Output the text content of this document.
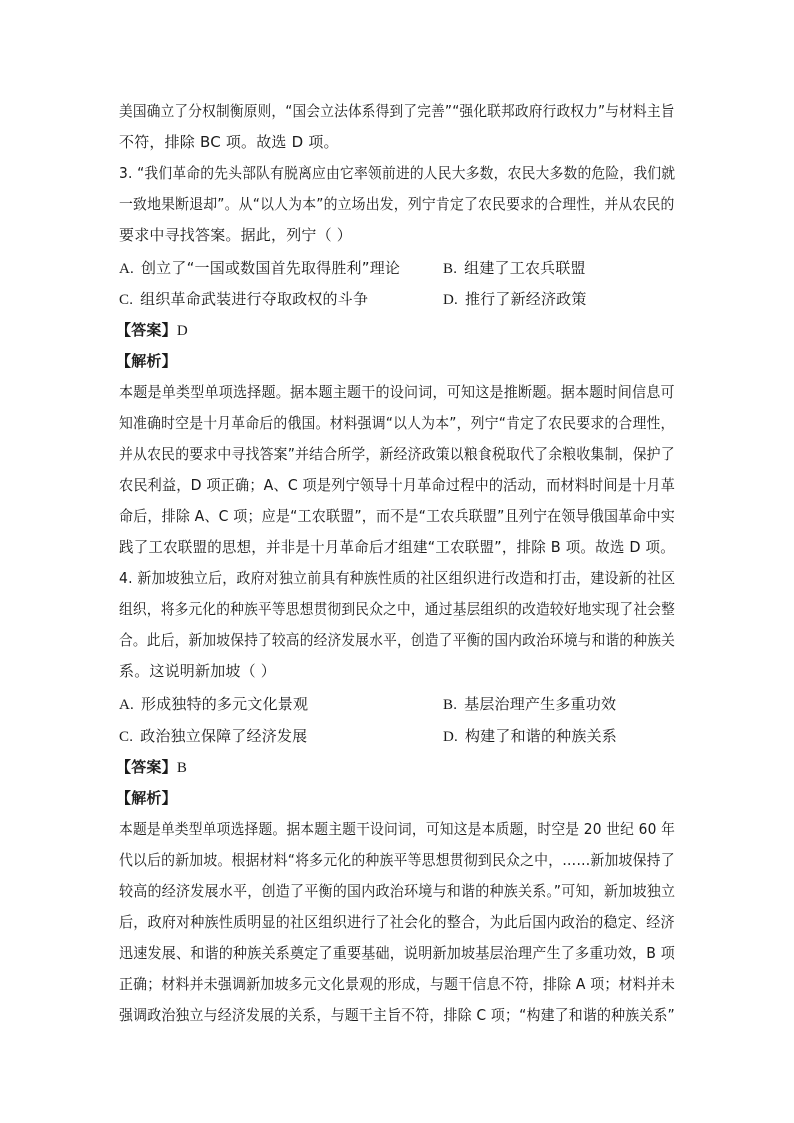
美国确立了分权制衡原则，“国会立法体系得到了完善”“强化联邦政府行政权力”与材料主旨
不符，排除 BC 项。故选 D 项。
3. “我们革命的先头部队有脱离应由它率领前进的人民大多数，农民大多数的危险，我们就
一致地果断退却”。从“以人为本”的立场出发，列宁肯定了农民要求的合理性，并从农民的
要求中寻找答案。据此，列宁（ ）
A. 创立了“一国或数国首先取得胜利”理论	B. 组建了工农兵联盟
C. 组织革命武装进行夺取政权的斗争	D. 推行了新经济政策
【答案】D
【解析】
本题是单类型单项选择题。据本题主题干的设问词，可知这是推断题。据本题时间信息可
知准确时空是十月革命后的俄国。材料强调“以人为本”，列宁“肯定了农民要求的合理性，
并从农民的要求中寻找答案”并结合所学，新经济政策以粮食税取代了余粮收集制，保护了
农民利益，D 项正确；A、C 项是列宁领导十月革命过程中的活动，而材料时间是十月革
命后，排除 A、C 项；应是“工农联盟”，而不是“工农兵联盟”且列宁在领导俄国革命中实
践了工农联盟的思想，并非是十月革命后才组建“工农联盟”，排除 B 项。故选 D 项。
4. 新加坡独立后，政府对独立前具有种族性质的社区组织进行改造和打击，建设新的社区
组织，将多元化的种族平等思想贯彻到民众之中，通过基层组织的改造较好地实现了社会整
合。此后，新加坡保持了较高的经济发展水平，创造了平衡的国内政治环境与和谐的种族关
系。这说明新加坡（ ）
A. 形成独特的多元文化景观	B. 基层治理产生多重功效
C. 政治独立保障了经济发展	D. 构建了和谐的种族关系
【答案】B
【解析】
本题是单类型单项选择题。据本题主题干设问词，可知这是本质题，时空是 20 世纪 60 年
代以后的新加坡。根据材料“将多元化的种族平等思想贯彻到民众之中，……新加坡保持了
较高的经济发展水平，创造了平衡的国内政治环境与和谐的种族关系。”可知，新加坡独立
后，政府对种族性质明显的社区组织进行了社会化的整合，为此后国内政治的稳定、经济
迅速发展、和谐的种族关系奠定了重要基础，说明新加坡基层治理产生了多重功效，B 项
正确；材料并未强调新加坡多元文化景观的形成，与题干信息不符，排除 A 项；材料并未
强调政治独立与经济发展的关系，与题干主旨不符，排除 C 项；“构建了和谐的种族关系”
